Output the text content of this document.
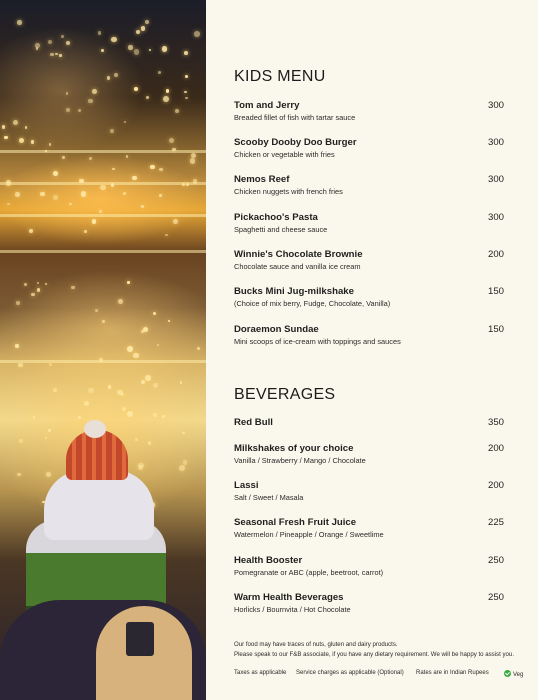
KIDS MENU
Tom and Jerry
Breaded fillet of fish with tartar sauce
300
Scooby Dooby Doo Burger
Chicken or vegetable with fries
300
Nemos Reef
Chicken nuggets with french fries
300
Pickachoo's Pasta
Spaghetti and cheese sauce
300
Winnie's Chocolate Brownie
Chocolate sauce and vanilla ice cream
200
Bucks Mini Jug-milkshake
(Choice of mix berry, Fudge, Chocolate, Vanilla)
150
Doraemon Sundae
Mini scoops of ice-cream with toppings and sauces
150
BEVERAGES
Red Bull	350
Milkshakes of your choice
Vanilla / Strawberry / Mango / Chocolate
200
Lassi
Salt / Sweet / Masala
200
Seasonal Fresh Fruit Juice
Watermelon / Pineapple / Orange / Sweetlime
225
Health Booster
Pomegranate or ABC (apple, beetroot, carrot)
250
Warm Health Beverages
Horlicks / Bournvita / Hot Chocolate
250
Our food may have traces of nuts, gluten and dairy products.
Please speak to our F&B associate, if you have any dietary requirement. We will be happy to assist you.
Taxes as applicable Service charges as applicable (Optional) Rates are in Indian Rupees	Veg
